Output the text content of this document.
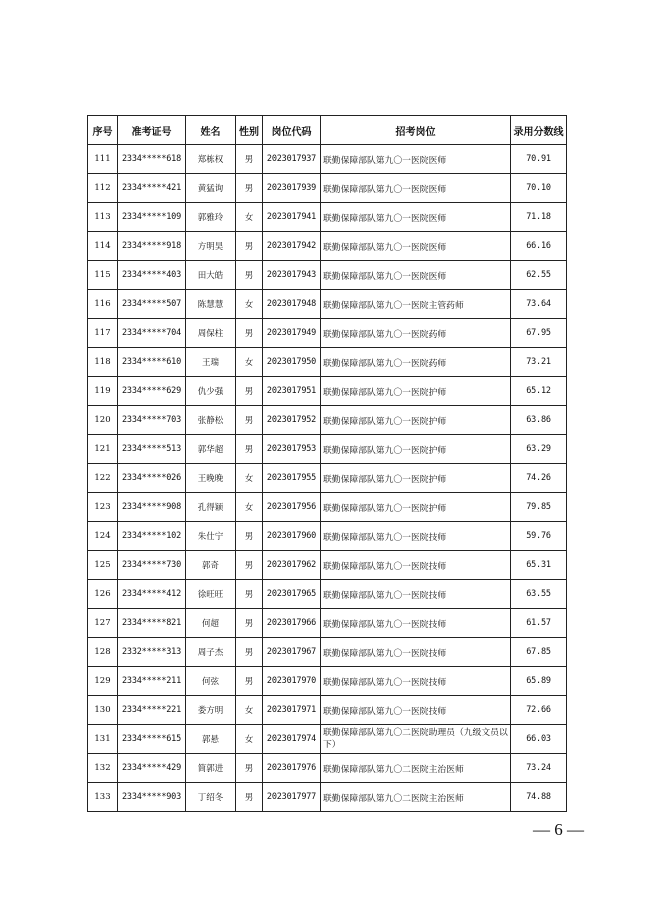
序号	准考证号	姓名	性别	岗位代码	招考岗位	录用分数线
111	2334*****618	郑栋权	男	2023017937	联勤保障部队第九〇一医院医师	70.91
112	2334*****421	黄猛询	男	2023017939	联勤保障部队第九〇一医院医师	70.10
113	2334*****109	郭雅玲	女	2023017941	联勤保障部队第九〇一医院医师	71.18
114	2334*****918	方明昊	男	2023017942	联勤保障部队第九〇一医院医师	66.16
115	2334*****403	田大皓	男	2023017943	联勤保障部队第九〇一医院医师	62.55
116	2334*****507	陈慧慧	女	2023017948	联勤保障部队第九〇一医院主管药师	73.64
117	2334*****704	周保柱	男	2023017949	联勤保障部队第九〇一医院药师	67.95
118	2334*****610	王瑞	女	2023017950	联勤保障部队第九〇一医院药师	73.21
119	2334*****629	仇少强	男	2023017951	联勤保障部队第九〇一医院护师	65.12
120	2334*****703	张静松	男	2023017952	联勤保障部队第九〇一医院护师	63.86
121	2334*****513	郭华超	男	2023017953	联勤保障部队第九〇一医院护师	63.29
122	2334*****026	王晚晚	女	2023017955	联勤保障部队第九〇一医院护师	74.26
123	2334*****908	孔得颖	女	2023017956	联勤保障部队第九〇一医院护师	79.85
124	2334*****102	朱仕宁	男	2023017960	联勤保障部队第九〇一医院技师	59.76
125	2334*****730	郭奇	男	2023017962	联勤保障部队第九〇一医院技师	65.31
126	2334*****412	徐旺旺	男	2023017965	联勤保障部队第九〇一医院技师	63.55
127	2334*****821	何超	男	2023017966	联勤保障部队第九〇一医院技师	61.57
128	2332*****313	周子杰	男	2023017967	联勤保障部队第九〇一医院技师	67.85
129	2334*****211	何弦	男	2023017970	联勤保障部队第九〇一医院技师	65.89
130	2334*****221	娄方明	女	2023017971	联勤保障部队第九〇一医院技师	72.66
131	2334*****615	郭悬	女	2023017974	联勤保障部队第九〇二医院助理员（九级文员以下）	66.03
132	2334*****429	简郭进	男	2023017976	联勤保障部队第九〇二医院主治医师	73.24
133	2334*****903	丁绍冬	男	2023017977	联勤保障部队第九〇二医院主治医师	74.88
— 6 —
